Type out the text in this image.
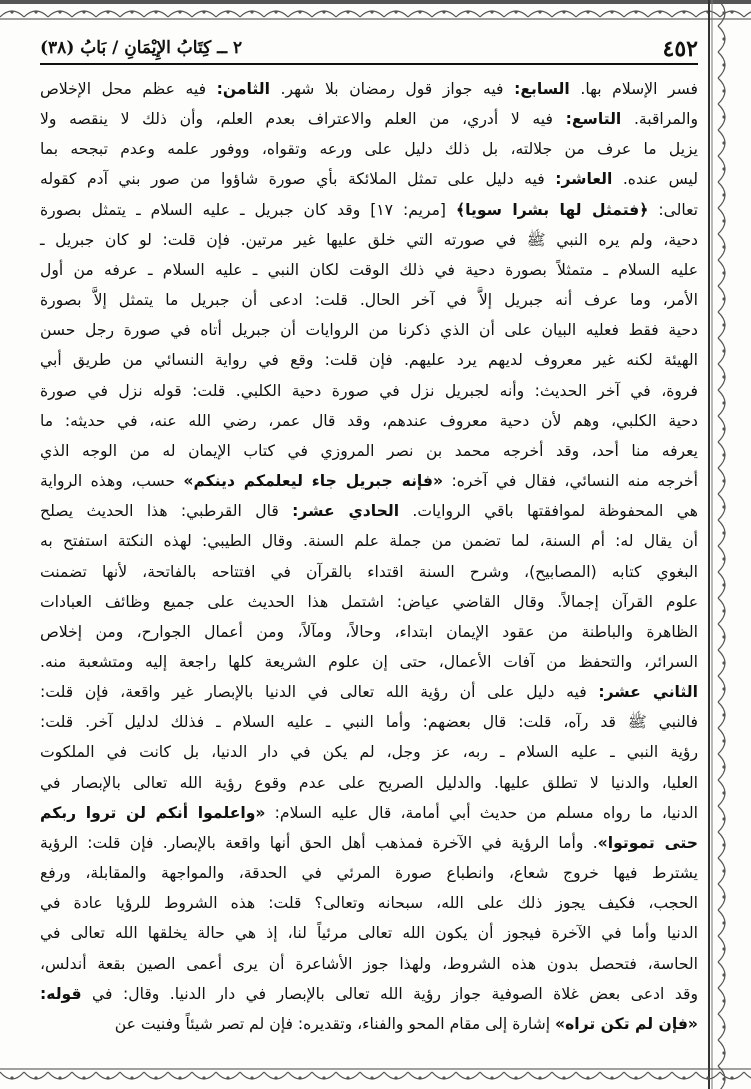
٤٥٢
٢ ــ كِتَابُ الإِيْمَانِ / بَابُ (٣٨)

فسر الإسلام بها. السابع: فيه جواز قول رمضان بلا شهر. الثامن: فيه عظم محل الإخلاص

والمراقبة. التاسع: فيه لا أدري، من العلم والاعتراف بعدم العلم، وأن ذلك لا ينقصه ولا

يزيل ما عرف من جلالته، بل ذلك دليل على ورعه وتقواه، ووفور علمه وعدم تبجحه بما

ليس عنده. العاشر: فيه دليل على تمثل الملائكة بأي صورة شاؤوا من صور بني آدم كقوله

تعالى: ﴿فتمثل لها بشرا سويا﴾ [مريم: ١٧] وقد كان جبريل ـ عليه السلام ـ يتمثل بصورة

دحية، ولم يره النبي ﷺ في صورته التي خلق عليها غير مرتين. فإن قلت: لو كان جبريل ـ

عليه السلام ـ متمثلاً بصورة دحية في ذلك الوقت لكان النبي ـ عليه السلام ـ عرفه من أول

الأمر، وما عرف أنه جبريل إلاَّ في آخر الحال. قلت: ادعى أن جبريل ما يتمثل إلاَّ بصورة

دحية فقط فعليه البيان على أن الذي ذكرنا من الروايات أن جبريل أتاه في صورة رجل حسن

الهيئة لكنه غير معروف لديهم يرد عليهم. فإن قلت: وقع في رواية النسائي من طريق أبي

فروة، في آخر الحديث: وأنه لجبريل نزل في صورة دحية الكلبي. قلت: قوله نزل في صورة

دحية الكلبي، وهم لأن دحية معروف عندهم، وقد قال عمر، رضي الله عنه، في حديثه: ما

يعرفه منا أحد، وقد أخرجه محمد بن نصر المروزي في كتاب الإيمان له من الوجه الذي

أخرجه منه النسائي، فقال في آخره: «فإنه جبريل جاء ليعلمكم دينكم» حسب، وهذه الرواية

هي المحفوظة لموافقتها باقي الروايات. الحادي عشر: قال القرطبي: هذا الحديث يصلح

أن يقال له: أم السنة، لما تضمن من جملة علم السنة. وقال الطيبي: لهذه النكتة استفتح به

البغوي كتابه (المصابيح)، وشرح السنة اقتداء بالقرآن في افتتاحه بالفاتحة، لأنها تضمنت

علوم القرآن إجمالاً. وقال القاضي عياض: اشتمل هذا الحديث على جميع وظائف العبادات

الظاهرة والباطنة من عقود الإيمان ابتداء، وحالاً، ومآلاً، ومن أعمال الجوارح، ومن إخلاص

السرائر، والتحفظ من آفات الأعمال، حتى إن علوم الشريعة كلها راجعة إليه ومتشعبة منه.

الثاني عشر: فيه دليل على أن رؤية الله تعالى في الدنيا بالإبصار غير واقعة، فإن قلت:

فالنبي ﷺ قد رآه، قلت: قال بعضهم: وأما النبي ـ عليه السلام ـ فذلك لدليل آخر. قلت:

رؤية النبي ـ عليه السلام ـ ربه، عز وجل، لم يكن في دار الدنيا، بل كانت في الملكوت

العليا، والدنيا لا تطلق عليها. والدليل الصريح على عدم وقوع رؤية الله تعالى بالإبصار في

الدنيا، ما رواه مسلم من حديث أبي أمامة، قال عليه السلام: «واعلموا أنكم لن تروا ربكم

حتى تموتوا». وأما الرؤية في الآخرة فمذهب أهل الحق أنها واقعة بالإبصار. فإن قلت: الرؤية

يشترط فيها خروج شعاع، وانطباع صورة المرئي في الحدقة، والمواجهة والمقابلة، ورفع

الحجب، فكيف يجوز ذلك على الله، سبحانه وتعالى؟ قلت: هذه الشروط للرؤيا عادة في

الدنيا وأما في الآخرة فيجوز أن يكون الله تعالى مرئياً لنا، إذ هي حالة يخلقها الله تعالى في

الحاسة، فتحصل بدون هذه الشروط، ولهذا جوز الأشاعرة أن يرى أعمى الصين بقعة أندلس،

وقد ادعى بعض غلاة الصوفية جواز رؤية الله تعالى بالإبصار في دار الدنيا. وقال: في قوله:

«فإن لم تكن تراه» إشارة إلى مقام المحو والفناء، وتقديره: فإن لم تصر شيئاً وفنيت عن
